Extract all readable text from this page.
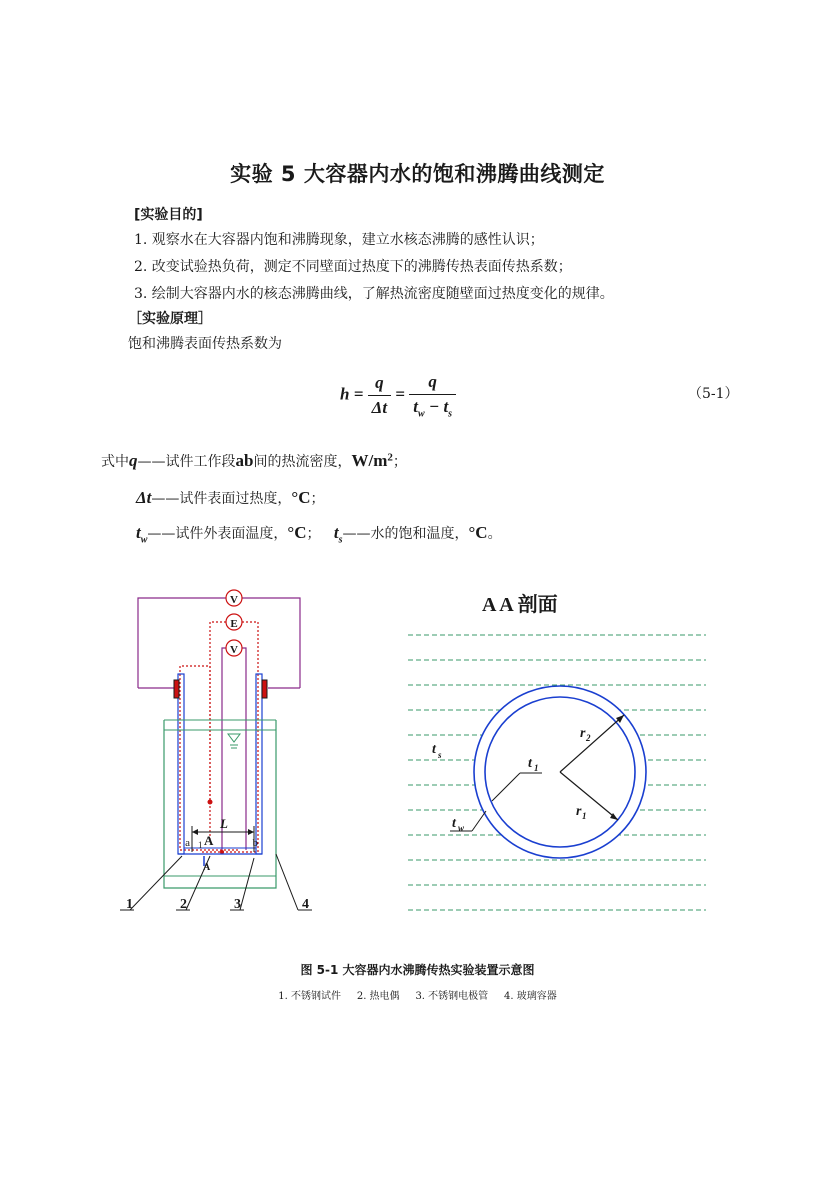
实验 5 大容器内水的饱和沸腾曲线测定
[实验目的]
1. 观察水在大容器内饱和沸腾现象，建立水核态沸腾的感性认识；
2. 改变试验热负荷，测定不同壁面过热度下的沸腾传热表面传热系数；
3. 绘制大容器内水的核态沸腾曲线，了解热流密度随壁面过热度变化的规律。
［实验原理］
饱和沸腾表面传热系数为
$h = \frac{q}{\Delta t} = \frac{q}{t_w - t_s}$	（5-1）
式中q——试件工作段ab间的热流密度，$W/m^2$；
Δt——试件表面过热度，°C；
$t_w——$试件外表面温度，°C； $t_s——$水的饱和温度，°C。
V
E
V
L
a	b
1 A
A
1	2	3	4
A A 剖面
t s
t 1
t w
r 2
r 1
图 5-1 大容器内水沸腾传热实验装置示意图
1. 不锈钢试件     2. 热电偶     3. 不锈钢电极管     4. 玻璃容器
